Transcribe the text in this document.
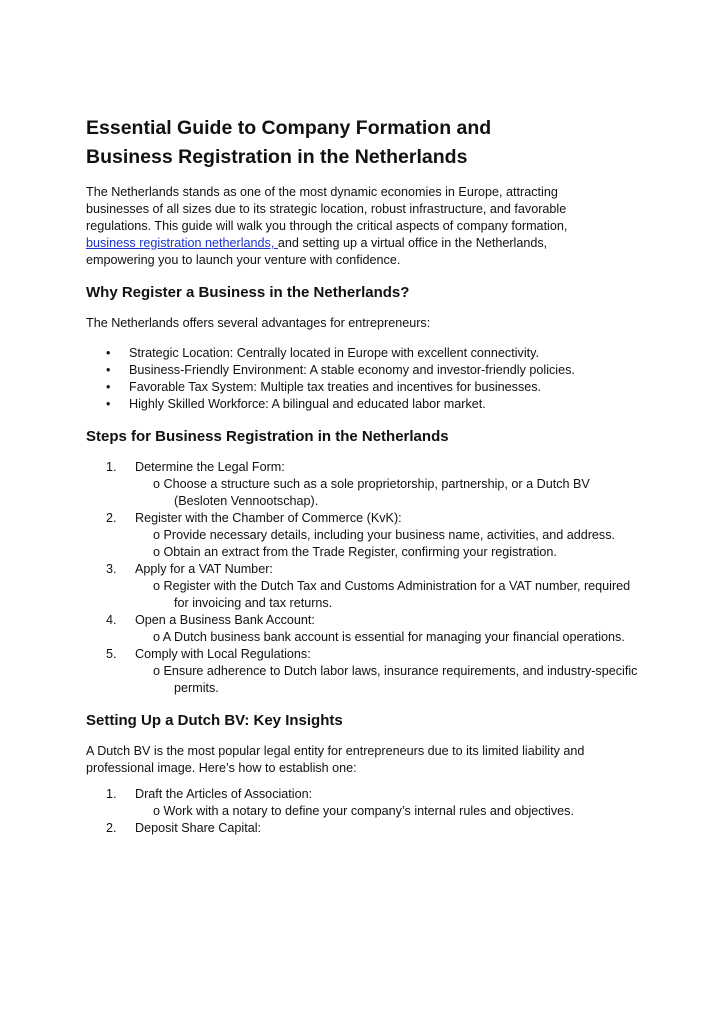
Essential Guide to Company Formation and
Business Registration in the Netherlands

The Netherlands stands as one of the most dynamic economies in Europe, attracting
businesses of all sizes due to its strategic location, robust infrastructure, and favorable
regulations. This guide will walk you through the critical aspects of company formation,
business registration netherlands, and setting up a virtual office in the Netherlands,
empowering you to launch your venture with confidence.

Why Register a Business in the Netherlands?

The Netherlands offers several advantages for entrepreneurs:

• Strategic Location: Centrally located in Europe with excellent connectivity.
• Business-Friendly Environment: A stable economy and investor-friendly policies.
• Favorable Tax System: Multiple tax treaties and incentives for businesses.
• Highly Skilled Workforce: A bilingual and educated labor market.
Steps for Business Registration in the Netherlands
1. Determine the Legal Form:
o Choose a structure such as a sole proprietorship, partnership, or a Dutch BV (Besloten Vennootschap).
2. Register with the Chamber of Commerce (KvK):
o Provide necessary details, including your business name, activities, and address.
o Obtain an extract from the Trade Register, confirming your registration.
3. Apply for a VAT Number:
o Register with the Dutch Tax and Customs Administration for a VAT number, required for invoicing and tax returns.
4. Open a Business Bank Account:
o A Dutch business bank account is essential for managing your financial operations.
5. Comply with Local Regulations:
o Ensure adherence to Dutch labor laws, insurance requirements, and industry-specific permits.
Setting Up a Dutch BV: Key Insights

A Dutch BV is the most popular legal entity for entrepreneurs due to its limited liability and professional image. Here’s how to establish one:

1. Draft the Articles of Association:
o Work with a notary to define your company’s internal rules and objectives.
2. Deposit Share Capital:
